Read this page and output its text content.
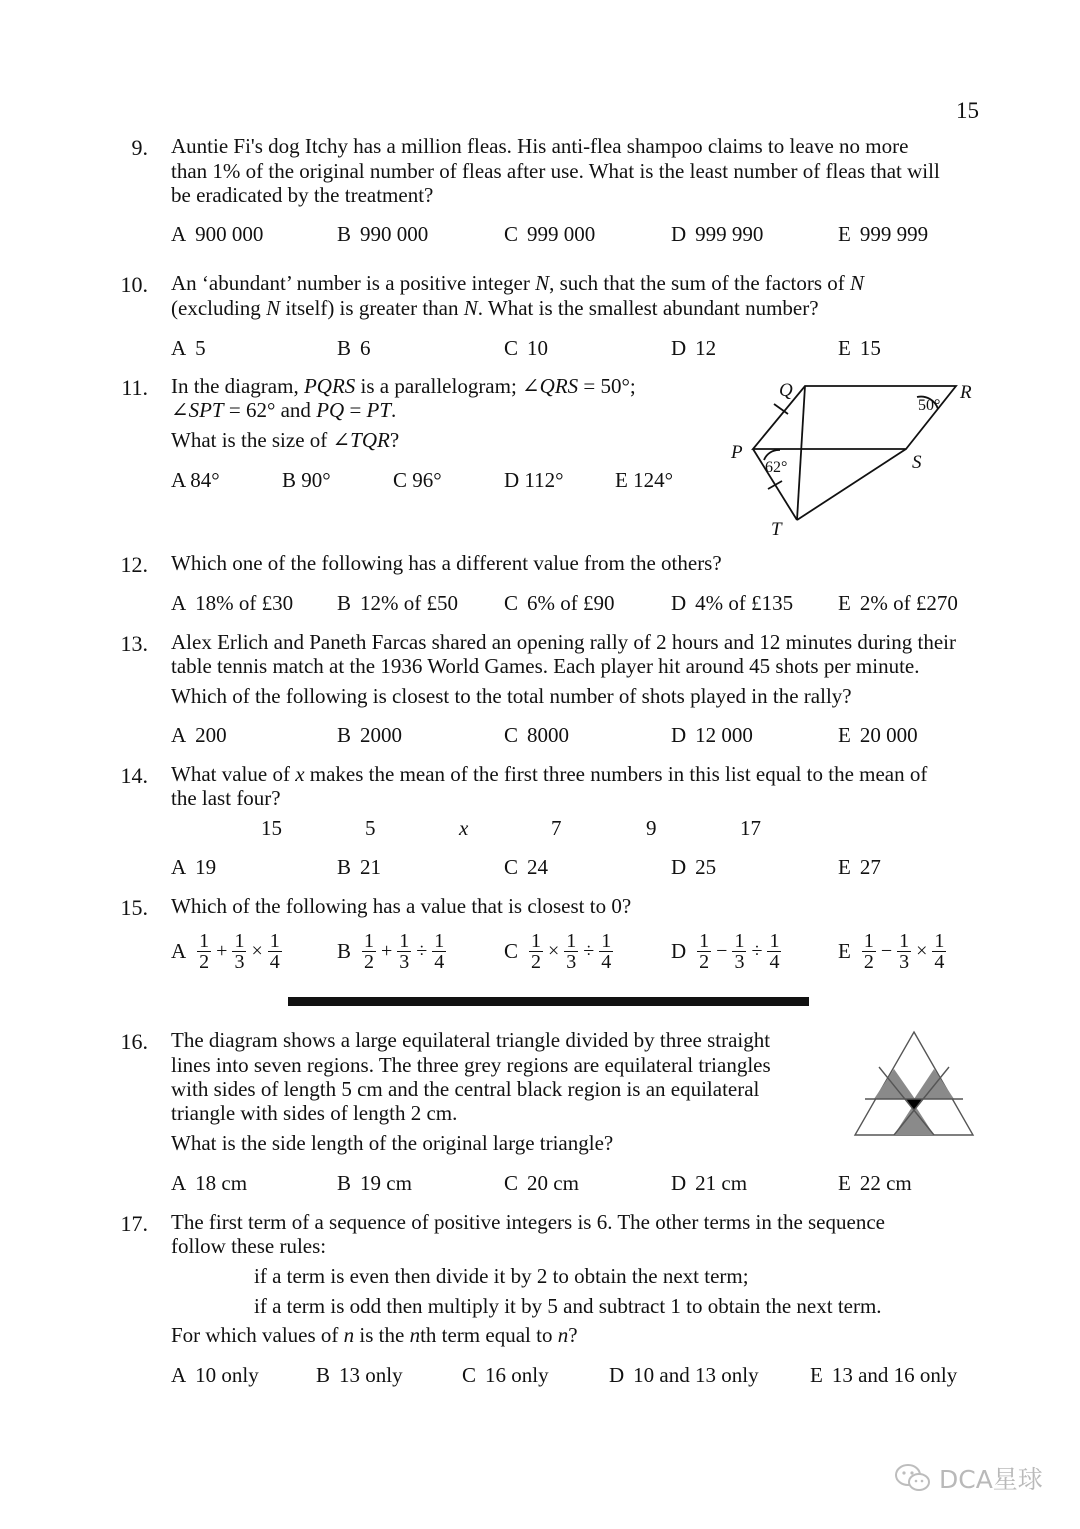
15
9. Auntie Fi's dog Itchy has a million fleas. His anti-flea shampoo claims to leave no more
than 1% of the original number of fleas after use. What is the least number of fleas that will
be eradicated by the treatment?
A 900 000	B 990 000	C 999 000	D 999 990	E 999 999
10. An ‘abundant’ number is a positive integer N, such that the sum of the factors of N
(excluding N itself) is greater than N. What is the smallest abundant number?
A 5	B 6	C 10	D 12	E 15
11. In the diagram, PQRS is a parallelogram; ∠QRS = 50°;
∠SPT = 62° and PQ = PT.
What is the size of ∠TQR?
A 84°	B 90°	C 96°	D 112° E 124°
Q	R
P	S
T
50°
62°
12. Which one of the following has a different value from the others?
A 18% of £30 B 12% of £50 C 6% of £90	D 4% of £135 E 2% of £270
13. Alex Erlich and Paneth Farcas shared an opening rally of 2 hours and 12 minutes during their
table tennis match at the 1936 World Games. Each player hit around 45 shots per minute.
Which of the following is closest to the total number of shots played in the rally?
A 200	B 2000	C 8000	D 12 000	E 20 000
14. What value of x makes the mean of the first three numbers in this list equal to the mean of
the last four?
15	5	x	7	9	17
A 19	B 21	C 24	D 25	E 27
15. Which of the following has a value that is closest to 0?
A $\frac{1}{2} + \frac{1}{3} \times \frac{1}{4}$	B $\frac{1}{2} + \frac{1}{3} \div \frac{1}{4}$	C $\frac{1}{2} \times \frac{1}{3} \div \frac{1}{4}$	D $\frac{1}{2} - \frac{1}{3} \div \frac{1}{4}$	E $\frac{1}{2} - \frac{1}{3} \times \frac{1}{4}$
16. The diagram shows a large equilateral triangle divided by three straight
lines into seven regions. The three grey regions are equilateral triangles
with sides of length 5 cm and the central black region is an equilateral
triangle with sides of length 2 cm.
What is the side length of the original large triangle?
A 18 cm	B 19 cm	C 20 cm	D 21 cm	E 22 cm
17. The first term of a sequence of positive integers is 6. The other terms in the sequence
follow these rules:
if a term is even then divide it by 2 to obtain the next term;
if a term is odd then multiply it by 5 and subtract 1 to obtain the next term.
For which values of n is the nth term equal to n?
A 10 only	B 13 only	C 16 only	D 10 and 13 only E 13 and 16 only
DCA星球
